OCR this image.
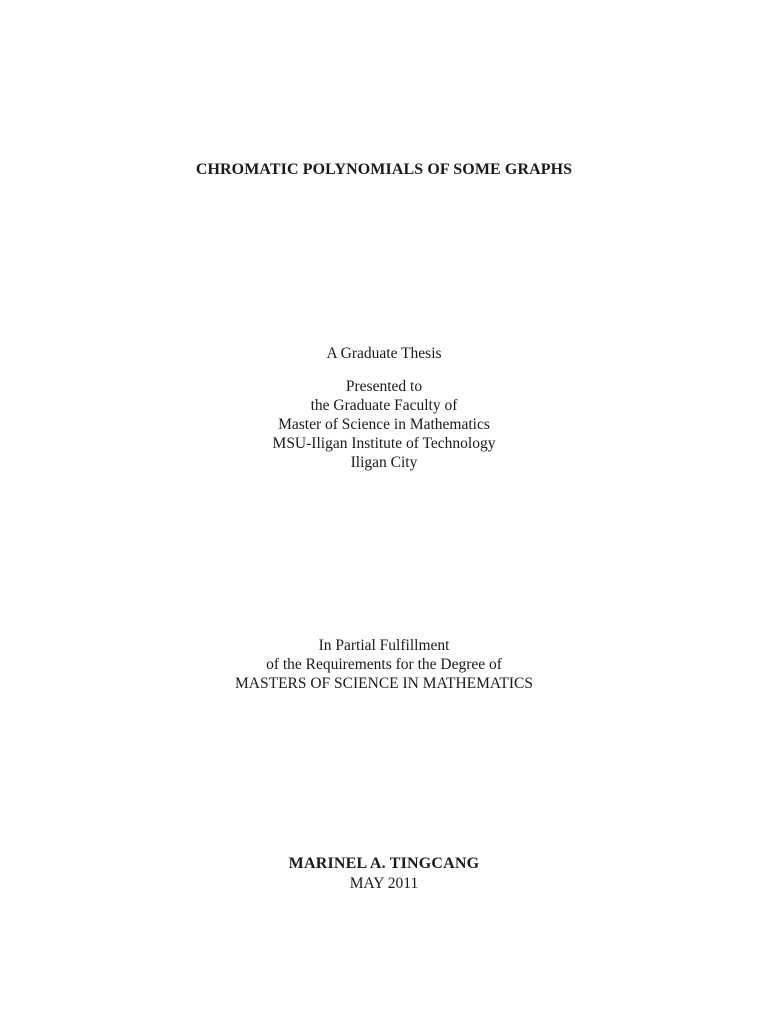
CHROMATIC POLYNOMIALS OF SOME GRAPHS
A Graduate Thesis
Presented to
the Graduate Faculty of
Master of Science in Mathematics
MSU-Iligan Institute of Technology
Iligan City
In Partial Fulfillment
of the Requirements for the Degree of
MASTERS OF SCIENCE IN MATHEMATICS
MARINEL A. TINGCANG
MAY 2011
